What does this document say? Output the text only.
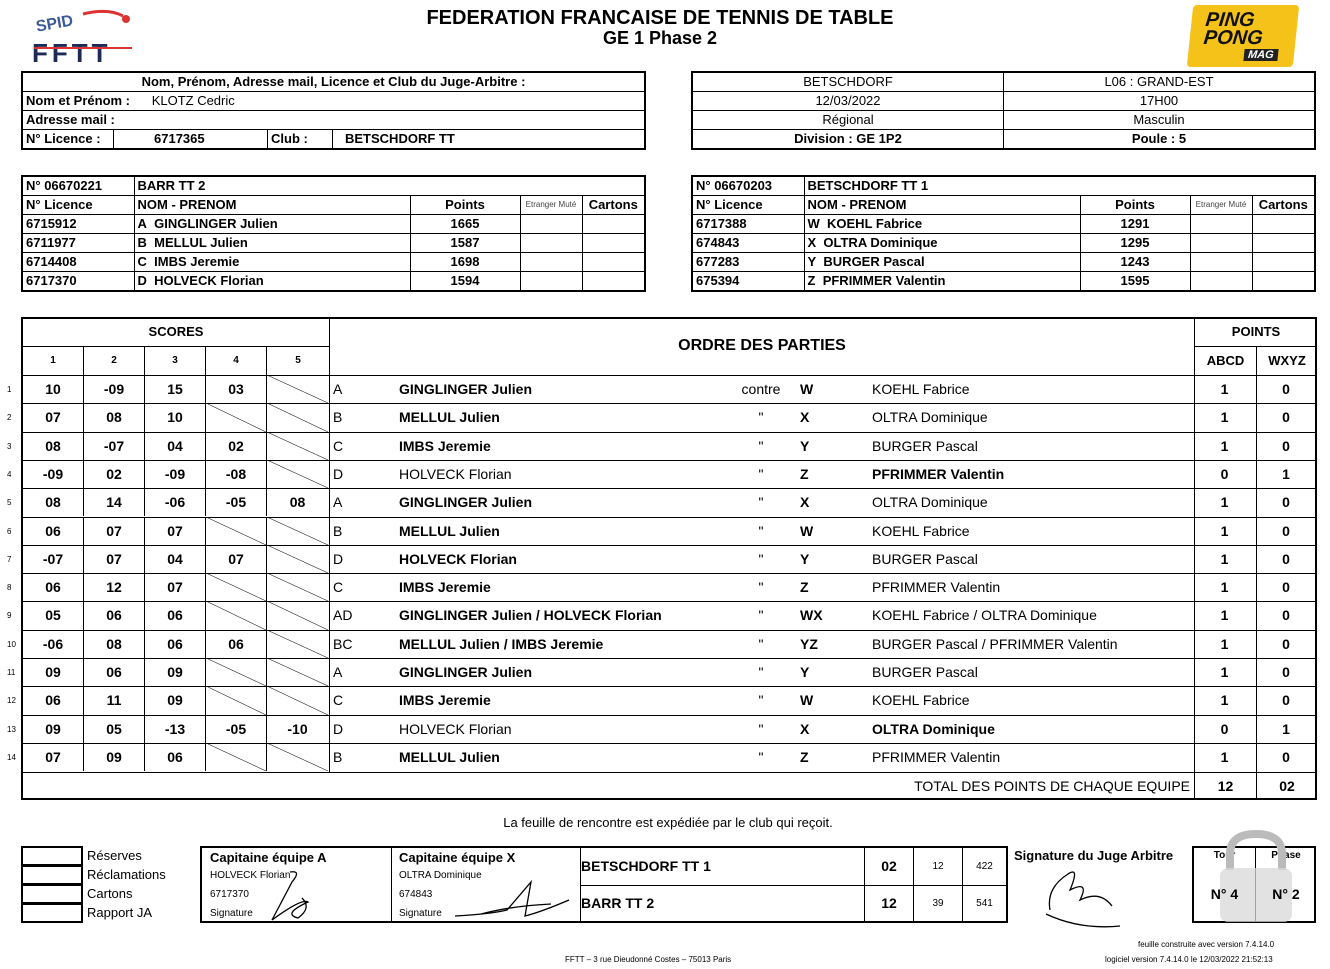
SPID
FFTT
FEDERATION FRANCAISE DE TENNIS DE TABLE
GE 1 Phase 2
PING
PONG
MAG
Nom, Prénom, Adresse mail, Licence et Club du Juge-Arbitre :
Nom et Prénom : KLOTZ Cedric
Adresse mail :
N° Licence :	6717365	Club :	BETSCHDORF TT
BETSCHDORF	L06 : GRAND-EST
12/03/2022	17H00
Régional	Masculin
Division : GE 1P2	Poule : 5
N° 06670221	BARR TT 2			
N° Licence	NOM - PRENOM	Points	Etranger Muté	Cartons
6715912	A GINGLINGER Julien	1665		
6711977	B MELLUL Julien	1587		
6714408	C IMBS Jeremie	1698		
6717370	D HOLVECK Florian	1594		
N° 06670203	BETSCHDORF TT 1			
N° Licence	NOM - PRENOM	Points	Etranger Muté	Cartons
6717388	W KOEHL Fabrice	1291		
674843	X OLTRA Dominique	1295		
677283	Y BURGER Pascal	1243		
675394	Z PFRIMMER Valentin	1595		
SCORES
1	2	3	4	5
ORDRE DES PARTIES
POINTS
ABCD	WXYZ
TOTAL DES POINTS DE CHAQUE EQUIPE	12	02
1	10	-09	15	03	A	GINGLINGER Julien	contre W	KOEHL Fabrice	1	0
2	07	08	10	B	MELLUL Julien	"	X	OLTRA Dominique	1	0
3	08	-07	04	02	C	IMBS Jeremie	"	Y	BURGER Pascal	1	0
4	-09	02	-09	-08	D	HOLVECK Florian	"	Z	PFRIMMER Valentin	0	1
5	08	14	-06	-05	08	A	GINGLINGER Julien	"	X	OLTRA Dominique	1	0
6	06	07	07	B	MELLUL Julien	"	W	KOEHL Fabrice	1	0
7	-07	07	04	07	D	HOLVECK Florian	"	Y	BURGER Pascal	1	0
8	06	12	07	C	IMBS Jeremie	"	Z	PFRIMMER Valentin	1	0
9	05	06	06	AD	GINGLINGER Julien / HOLVECK Florian	"	WX	KOEHL Fabrice / OLTRA Dominique	1	0
10	-06	08	06	06	BC	MELLUL Julien / IMBS Jeremie	"	YZ	BURGER Pascal / PFRIMMER Valentin	1	0
11	09	06	09	A	GINGLINGER Julien	"	Y	BURGER Pascal	1	0
12	06	11	09	C	IMBS Jeremie	"	W	KOEHL Fabrice	1	0
13	09	05	-13	-05	-10	D	HOLVECK Florian	"	X	OLTRA Dominique	0	1
14	07	09	06	B	MELLUL Julien	"	Z	PFRIMMER Valentin	1	0
La feuille de rencontre est expédiée par le club qui reçoit.
Réserves
Réclamations
Cartons
Rapport JA
Capitaine équipe A
HOLVECK Florian
6717370
Signature
Capitaine équipe X
OLTRA Dominique
674843
Signature
BETSCHDORF TT 1	02	12	422
BARR TT 2	12	39	541
Signature du Juge Arbitre	Tour	Phase
N° 4	N° 2
feuille construite avec version 7.4.14.0
FFTT – 3 rue Dieudonné Costes – 75013 Paris	logiciel version 7.4.14.0 le 12/03/2022 21:52:13
